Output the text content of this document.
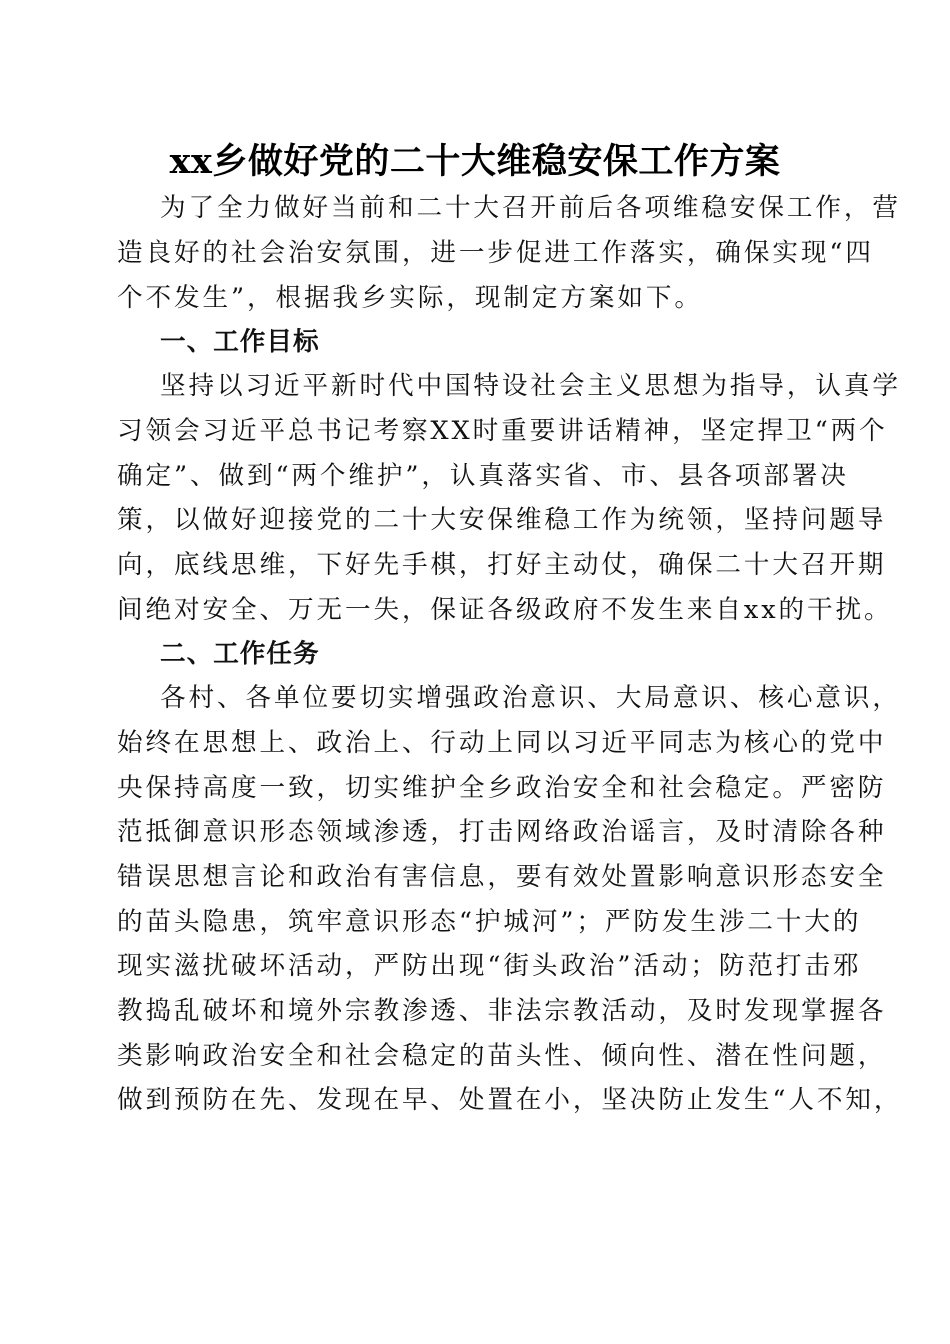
xx乡做好党的二十大维稳安保工作方案

为了全力做好当前和二十大召开前后各项维稳安保工作，营

造良好的社会治安氛围，进一步促进工作落实，确保实现“四

个不发生”，根据我乡实际，现制定方案如下。

一、工作目标

坚持以习近平新时代中国特设社会主义思想为指导，认真学

习领会习近平总书记考察XX时重要讲话精神，坚定捍卫“两个

确定”、做到“两个维护”，认真落实省、市、县各项部署决

策，以做好迎接党的二十大安保维稳工作为统领，坚持问题导

向，底线思维，下好先手棋，打好主动仗，确保二十大召开期

间绝对安全、万无一失，保证各级政府不发生来自xx的干扰。

二、工作任务

各村、各单位要切实增强政治意识、大局意识、核心意识，

始终在思想上、政治上、行动上同以习近平同志为核心的党中

央保持高度一致，切实维护全乡政治安全和社会稳定。严密防

范抵御意识形态领域渗透，打击网络政治谣言，及时清除各种

错误思想言论和政治有害信息，要有效处置影响意识形态安全

的苗头隐患，筑牢意识形态“护城河”；严防发生涉二十大的

现实滋扰破坏活动，严防出现“街头政治”活动；防范打击邪

教捣乱破坏和境外宗教渗透、非法宗教活动，及时发现掌握各

类影响政治安全和社会稳定的苗头性、倾向性、潜在性问题，

做到预防在先、发现在早、处置在小，坚决防止发生“人不知，
